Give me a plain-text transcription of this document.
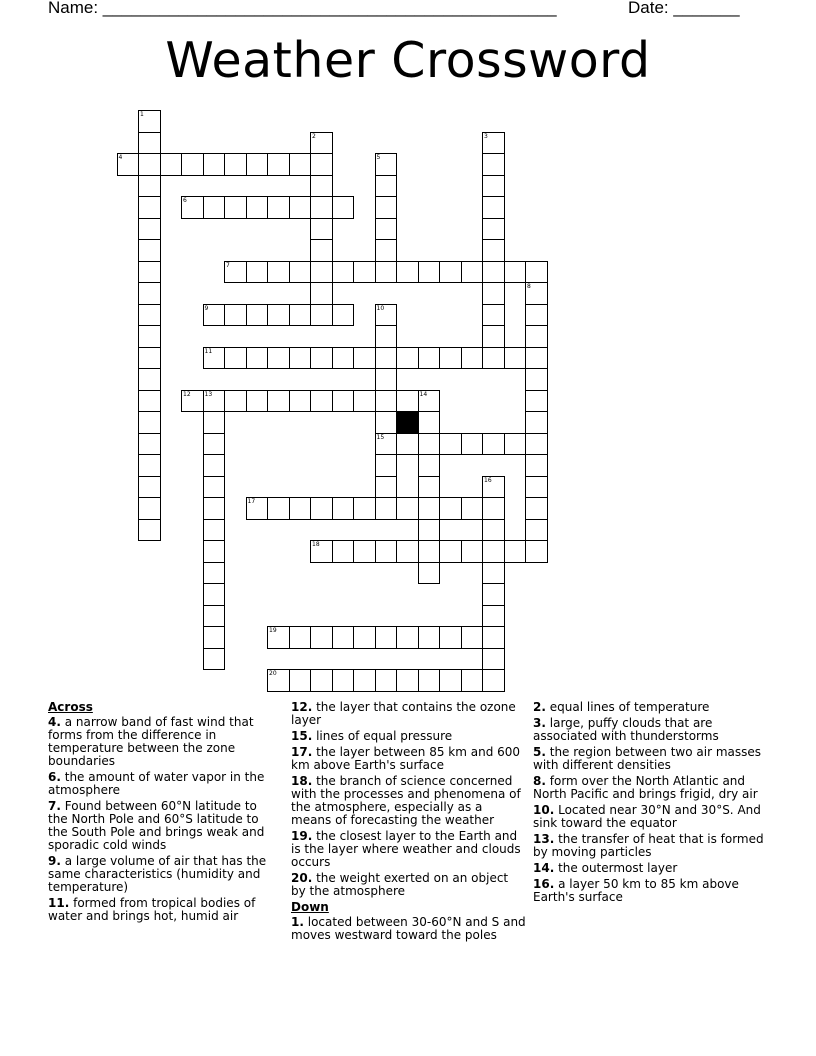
Name: ________________________________________________	Date: _______
Weather Crossword
1
2	3
4	5
6
7
8
9	10
15
11
12 13	14
16
17
18
19
20
Across
4. a narrow band of fast wind that forms from the difference in temperature between the zone boundaries
6. the amount of water vapor in the atmosphere
7. Found between 60°N latitude to the North Pole and 60°S latitude to the South Pole and brings weak and sporadic cold winds
9. a large volume of air that has the same characteristics (humidity and temperature)
11. formed from tropical bodies of water and brings hot, humid air
12. the layer that contains the ozone layer
15. lines of equal pressure
17. the layer between 85 km and 600 km above Earth's surface
18. the branch of science concerned with the processes and phenomena of the atmosphere, especially as a means of forecasting the weather
19. the closest layer to the Earth and is the layer where weather and clouds occurs
20. the weight exerted on an object by the atmosphere
Down
1. located between 30-60°N and S and moves westward toward the poles
2. equal lines of temperature
3. large, puffy clouds that are associated with thunderstorms
5. the region between two air masses with different densities
8. form over the North Atlantic and North Pacific and brings frigid, dry air
10. Located near 30°N and 30°S. And sink toward the equator
13. the transfer of heat that is formed by moving particles
14. the outermost layer
16. a layer 50 km to 85 km above Earth's surface
